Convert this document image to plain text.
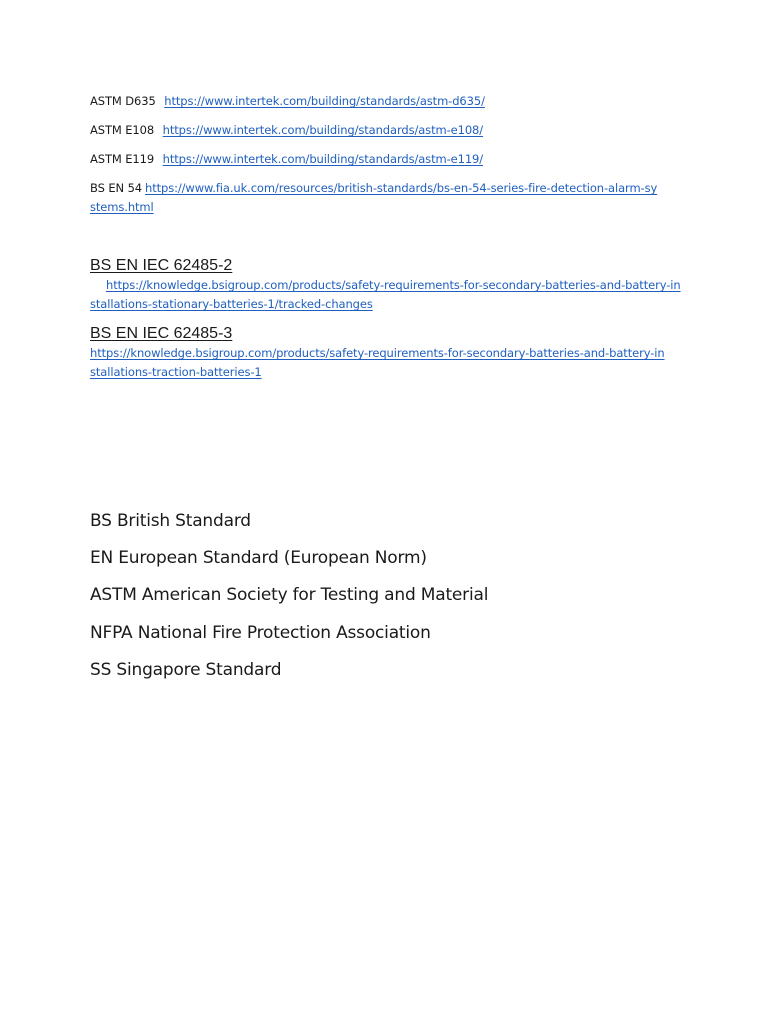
ASTM D635 https://www.intertek.com/building/standards/astm-d635/
ASTM E108 https://www.intertek.com/building/standards/astm-e108/
ASTM E119 https://www.intertek.com/building/standards/astm-e119/
BS EN 54 https://www.fia.uk.com/resources/british-standards/bs-en-54-series-fire-detection-alarm-systems.html
BS EN IEC 62485-2
https://knowledge.bsigroup.com/products/safety-requirements-for-secondary-batteries-and-battery-installations-stationary-batteries-1/tracked-changes
BS EN IEC 62485-3
https://knowledge.bsigroup.com/products/safety-requirements-for-secondary-batteries-and-battery-installations-traction-batteries-1
BS British Standard
EN European Standard (European Norm)
ASTM American Society for Testing and Material
NFPA National Fire Protection Association
SS Singapore Standard
